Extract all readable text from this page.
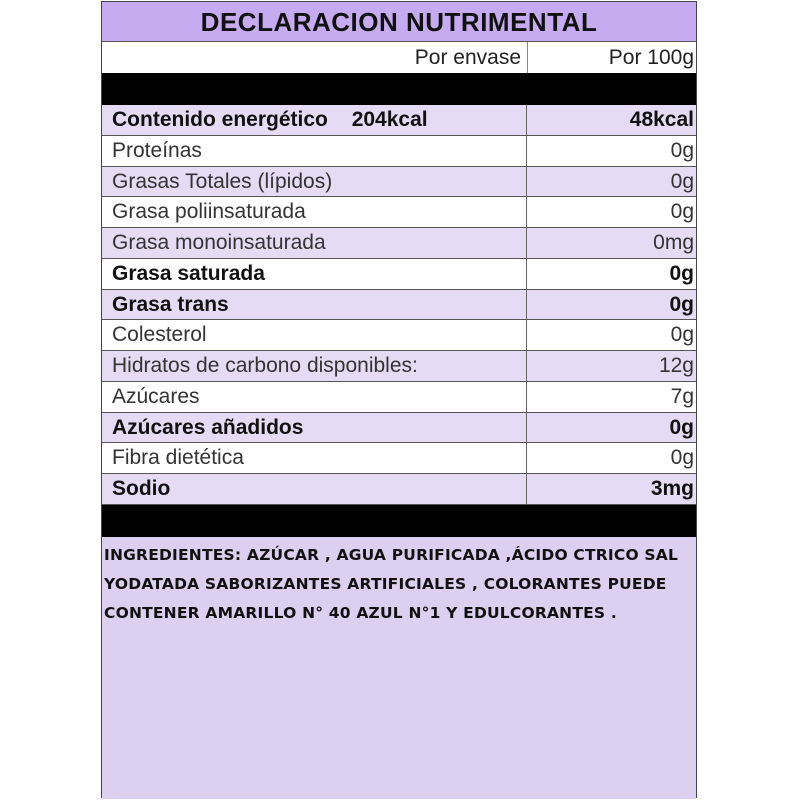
DECLARACION NUTRIMENTAL
Por envase	Por 100g
Contenido energético 204kcal	48kcal
Proteínas	0g
Grasas Totales (lípidos)	0g
Grasa poliinsaturada	0g
Grasa monoinsaturada	0mg
Grasa saturada	0g
Grasa trans	0g
Colesterol	0g
Hidratos de carbono disponibles:	12g
Azúcares	7g
Azúcares añadidos	0g
Fibra dietética	0g
Sodio	3mg

INGREDIENTES: AZÚCAR , AGUA PURIFICADA ,ÁCIDO CTRICO SAL YODATADA SABORIZANTES ARTIFICIALES , COLORANTES PUEDE CONTENER AMARILLO N° 40 AZUL N°1 Y EDULCORANTES .
